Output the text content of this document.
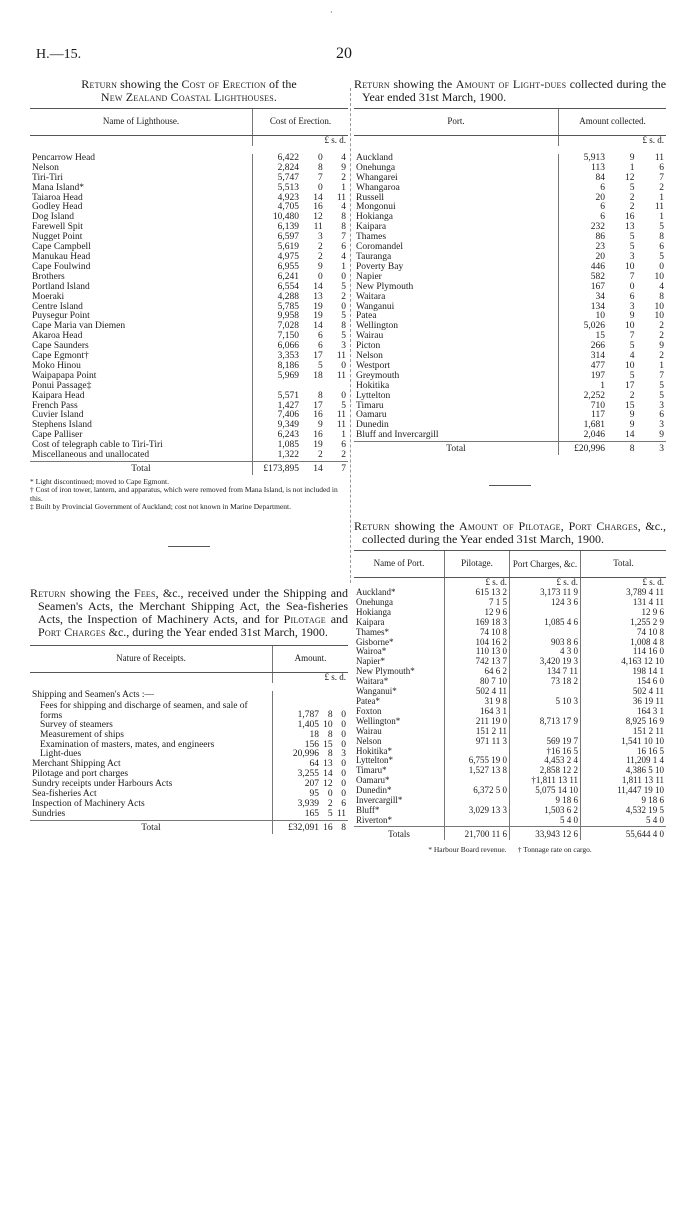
·
H.—15.	20
Return showing the Cost of Erection of the
New Zealand Coastal Lighthouses.
Name of Lighthouse.	Cost of Erection.		
	£ s. d.		

Pencarrow Head	6,422	0	4
Nelson	2,824	8	9
Tiri-Tiri	5,747	7	2
Mana Island*	5,513	0	1
Taiaroa Head	4,923	14	11
Godley Head	4,705	16	4
Dog Island	10,480	12	8
Farewell Spit	6,139	11	8
Nugget Point	6,597	3	7
Cape Campbell	5,619	2	6
Manukau Head	4,975	2	4
Cape Foulwind	6,955	9	1
Brothers	6,241	0	0
Portland Island	6,554	14	5
Moeraki	4,288	13	2
Centre Island	5,785	19	0
Puysegur Point	9,958	19	5
Cape Maria van Diemen	7,028	14	8
Akaroa Head	7,150	6	5
Cape Saunders	6,066	6	3
Cape Egmont†	3,353	17	11
Moko Hinou	8,186	5	0
Waipapapa Point	5,969	18	11
Ponui Passage‡			
Kaipara Head	5,571	8	0
French Pass	1,427	17	5
Cuvier Island	7,406	16	11
Stephens Island	9,349	9	11
Cape Palliser	6,243	16	1
Cost of telegraph cable to Tiri-Tiri	1,085	19	6
Miscellaneous and unallocated	1,322	2	2
Total	£173,895	14	7
* Light discontinued; moved to Cape Egmont.
† Cost of iron tower, lantern, and apparatus, which were removed from Mana Island, is not included in this.
‡ Built by Provincial Government of Auckland; cost not known in Marine Department.
Return showing the Fees, &c., received under the Shipping and Seamen's Acts, the Merchant Shipping Act, the Sea-fisheries Acts, the Inspection of Machinery Acts, and for Pilotage and Port Charges &c., during the Year ended 31st March, 1900.
Nature of Receipts.	Amount.		
	£ s. d.		

Shipping and Seamen's Acts :—			
Fees for shipping and discharge of seamen, and sale of forms	1,787	8	0
Survey of steamers	1,405	10	0
Measurement of ships	18	8	0
Examination of masters, mates, and engineers	156	15	0
Light-dues	20,996	8	3
Merchant Shipping Act	64	13	0
Pilotage and port charges	3,255	14	0
Sundry receipts under Harbours Acts	207	12	0
Sea-fisheries Act	95	0	0
Inspection of Machinery Acts	3,939	2	6
Sundries	165	5	11
Total	£32,091	16	8
Return showing the Amount of Light-dues collected during the Year ended 31st March, 1900.
Port.	Amount collected.		
	£ s. d.		

Auckland	5,913	9	11
Onehunga	113	1	6
Whangarei	84	12	7
Whangaroa	6	5	2
Russell	20	2	1
Mongonui	6	2	11
Hokianga	6	16	1
Kaipara	232	13	5
Thames	86	5	8
Coromandel	23	5	6
Tauranga	20	3	5
Poverty Bay	446	10	0
Napier	582	7	10
New Plymouth	167	0	4
Waitara	34	6	8
Wanganui	134	3	10
Patea	10	9	10
Wellington	5,026	10	2
Wairau	15	7	2
Picton	266	5	9
Nelson	314	4	2
Westport	477	10	1
Greymouth	197	5	7
Hokitika	1	17	5
Lyttelton	2,252	2	5
Timaru	710	15	3
Oamaru	117	9	6
Dunedin	1,681	9	3
Bluff and Invercargill	2,046	14	9
Total	£20,996	8	3
Return showing the Amount of Pilotage, Port Charges, &c., collected during the Year ended 31st March, 1900.
Name of Port.	Pilotage.	Port Charges, &c.	Total.
	£ s. d.	£ s. d.	£ s. d.
Auckland*	615 13 2	3,173 11 9	3,789 4 11
Onehunga	7 1 5	124 3 6	131 4 11
Hokianga	12 9 6		12 9 6
Kaipara	169 18 3	1,085 4 6	1,255 2 9
Thames*	74 10 8		74 10 8
Gisborne*	104 16 2	903 8 6	1,008 4 8
Wairoa*	110 13 0	4 3 0	114 16 0
Napier*	742 13 7	3,420 19 3	4,163 12 10
New Plymouth*	64 6 2	134 7 11	198 14 1
Waitara*	80 7 10	73 18 2	154 6 0
Wanganui*	502 4 11		502 4 11
Patea*	31 9 8	5 10 3	36 19 11
Foxton	164 3 1		164 3 1
Wellington*	211 19 0	8,713 17 9	8,925 16 9
Wairau	151 2 11		151 2 11
Nelson	971 11 3	569 19 7	1,541 10 10
Hokitika*		†16 16 5	16 16 5
Lyttelton*	6,755 19 0	4,453 2 4	11,209 1 4
Timaru*	1,527 13 8	2,858 12 2	4,386 5 10
Oamaru*		†1,811 13 11	1,811 13 11
Dunedin*	6,372 5 0	5,075 14 10	11,447 19 10
Invercargill*		9 18 6	9 18 6
Bluff*	3,029 13 3	1,503 6 2	4,532 19 5
Riverton*		5 4 0	5 4 0
Totals	21,700 11 6	33,943 12 6	55,644 4 0
* Harbour Board revenue. † Tonnage rate on cargo.
